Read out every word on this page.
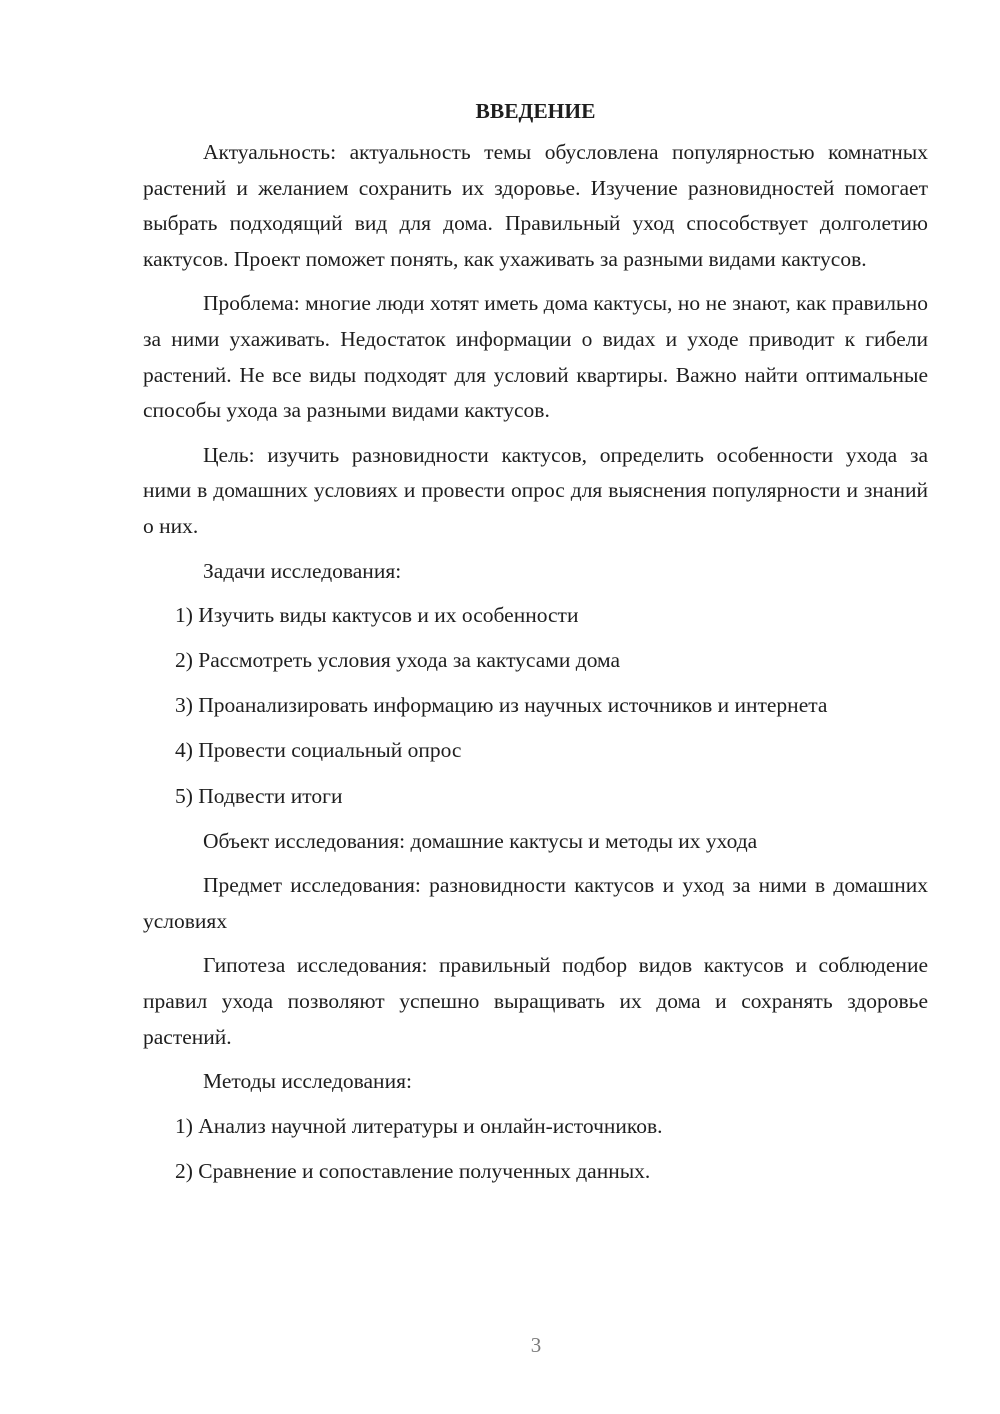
ВВЕДЕНИЕ

Актуальность: актуальность темы обусловлена популярностью комнатных растений и желанием сохранить их здоровье. Изучение разновидностей помогает выбрать подходящий вид для дома. Правильный уход способствует долголетию кактусов. Проект поможет понять, как ухаживать за разными видами кактусов.

Проблема: многие люди хотят иметь дома кактусы, но не знают, как правильно за ними ухаживать. Недостаток информации о видах и уходе приводит к гибели растений. Не все виды подходят для условий квартиры. Важно найти оптимальные способы ухода за разными видами кактусов.

Цель: изучить разновидности кактусов, определить особенности ухода за ними в домашних условиях и провести опрос для выяснения популярности и знаний о них.

Задачи исследования:

1) Изучить виды кактусов и их особенности

2) Рассмотреть условия ухода за кактусами дома

3) Проанализировать информацию из научных источников и интернета

4) Провести социальный опрос

5) Подвести итоги

Объект исследования: домашние кактусы и методы их ухода

Предмет исследования: разновидности кактусов и уход за ними в домашних условиях

Гипотеза исследования: правильный подбор видов кактусов и соблюдение правил ухода позволяют успешно выращивать их дома и сохранять здоровье растений.

Методы исследования:

1) Анализ научной литературы и онлайн-источников.

2) Сравнение и сопоставление полученных данных.

3
